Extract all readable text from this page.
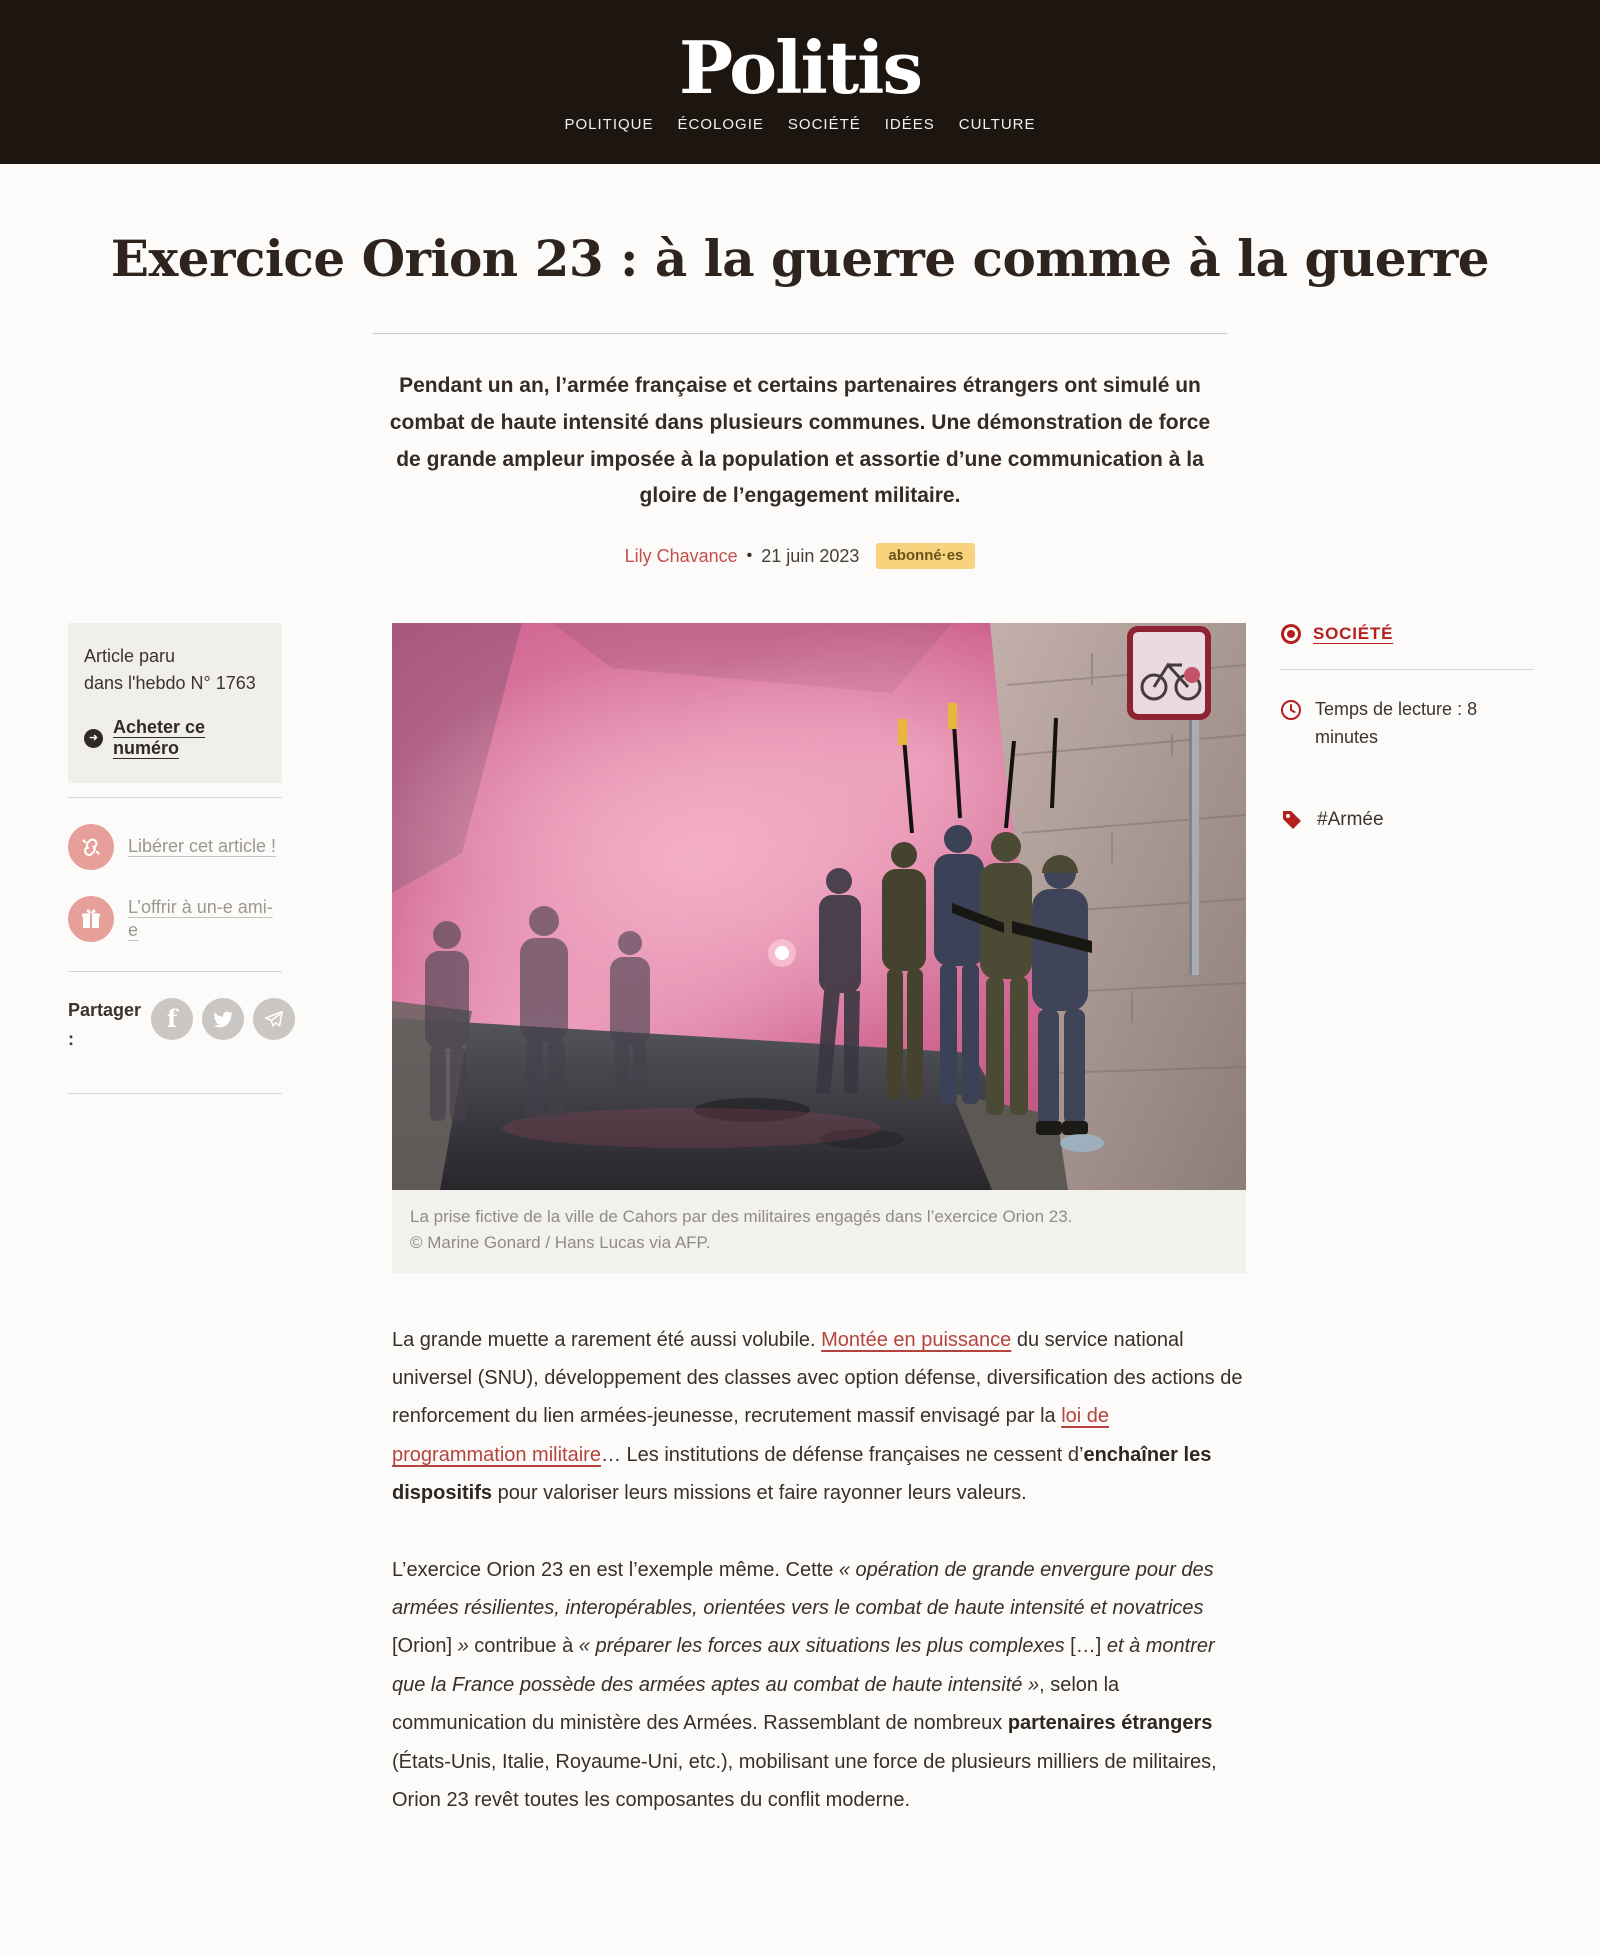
Politis
POLITIQUE ÉCOLOGIE SOCIÉTÉ IDÉES CULTURE
Exercice Orion 23 : à la guerre comme à la guerre

Pendant un an, l’armée française et certains partenaires étrangers ont simulé un combat de haute intensité dans plusieurs communes. Une démonstration de force de grande ampleur imposée à la population et assortie d’une communication à la gloire de l’engagement militaire.

Lily Chavance • 21 juin 2023	abonné·es
Article paru
dans l'hebdo N° 1763
➜
Acheter ce numéro
Libérer cet article !
L’offrir à un-e ami-e
Partager :
f

La prise fictive de la ville de Cahors par des militaires engagés dans l’exercice Orion 23.

© Marine Gonard / Hans Lucas via AFP.

La grande muette a rarement été aussi volubile. Montée en puissance du service national universel (SNU), développement des classes avec option défense, diversification des actions de renforcement du lien armées-jeunesse, recrutement massif envisagé par la loi de programmation militaire… Les institutions de défense françaises ne cessent d’enchaîner les dispositifs pour valoriser leurs missions et faire rayonner leurs valeurs.

L’exercice Orion 23 en est l’exemple même. Cette « opération de grande envergure pour des armées résilientes, interopérables, orientées vers le combat de haute intensité et novatrices [Orion] » contribue à « préparer les forces aux situations les plus complexes […] et à montrer que la France possède des armées aptes au combat de haute intensité », selon la communication du ministère des Armées. Rassemblant de nombreux partenaires étrangers (États-Unis, Italie, Royaume-Uni, etc.), mobilisant une force de plusieurs milliers de militaires, Orion 23 revêt toutes les composantes du conflit moderne.

SOCIÉTÉ
Temps de lecture : 8 minutes
#Armée
